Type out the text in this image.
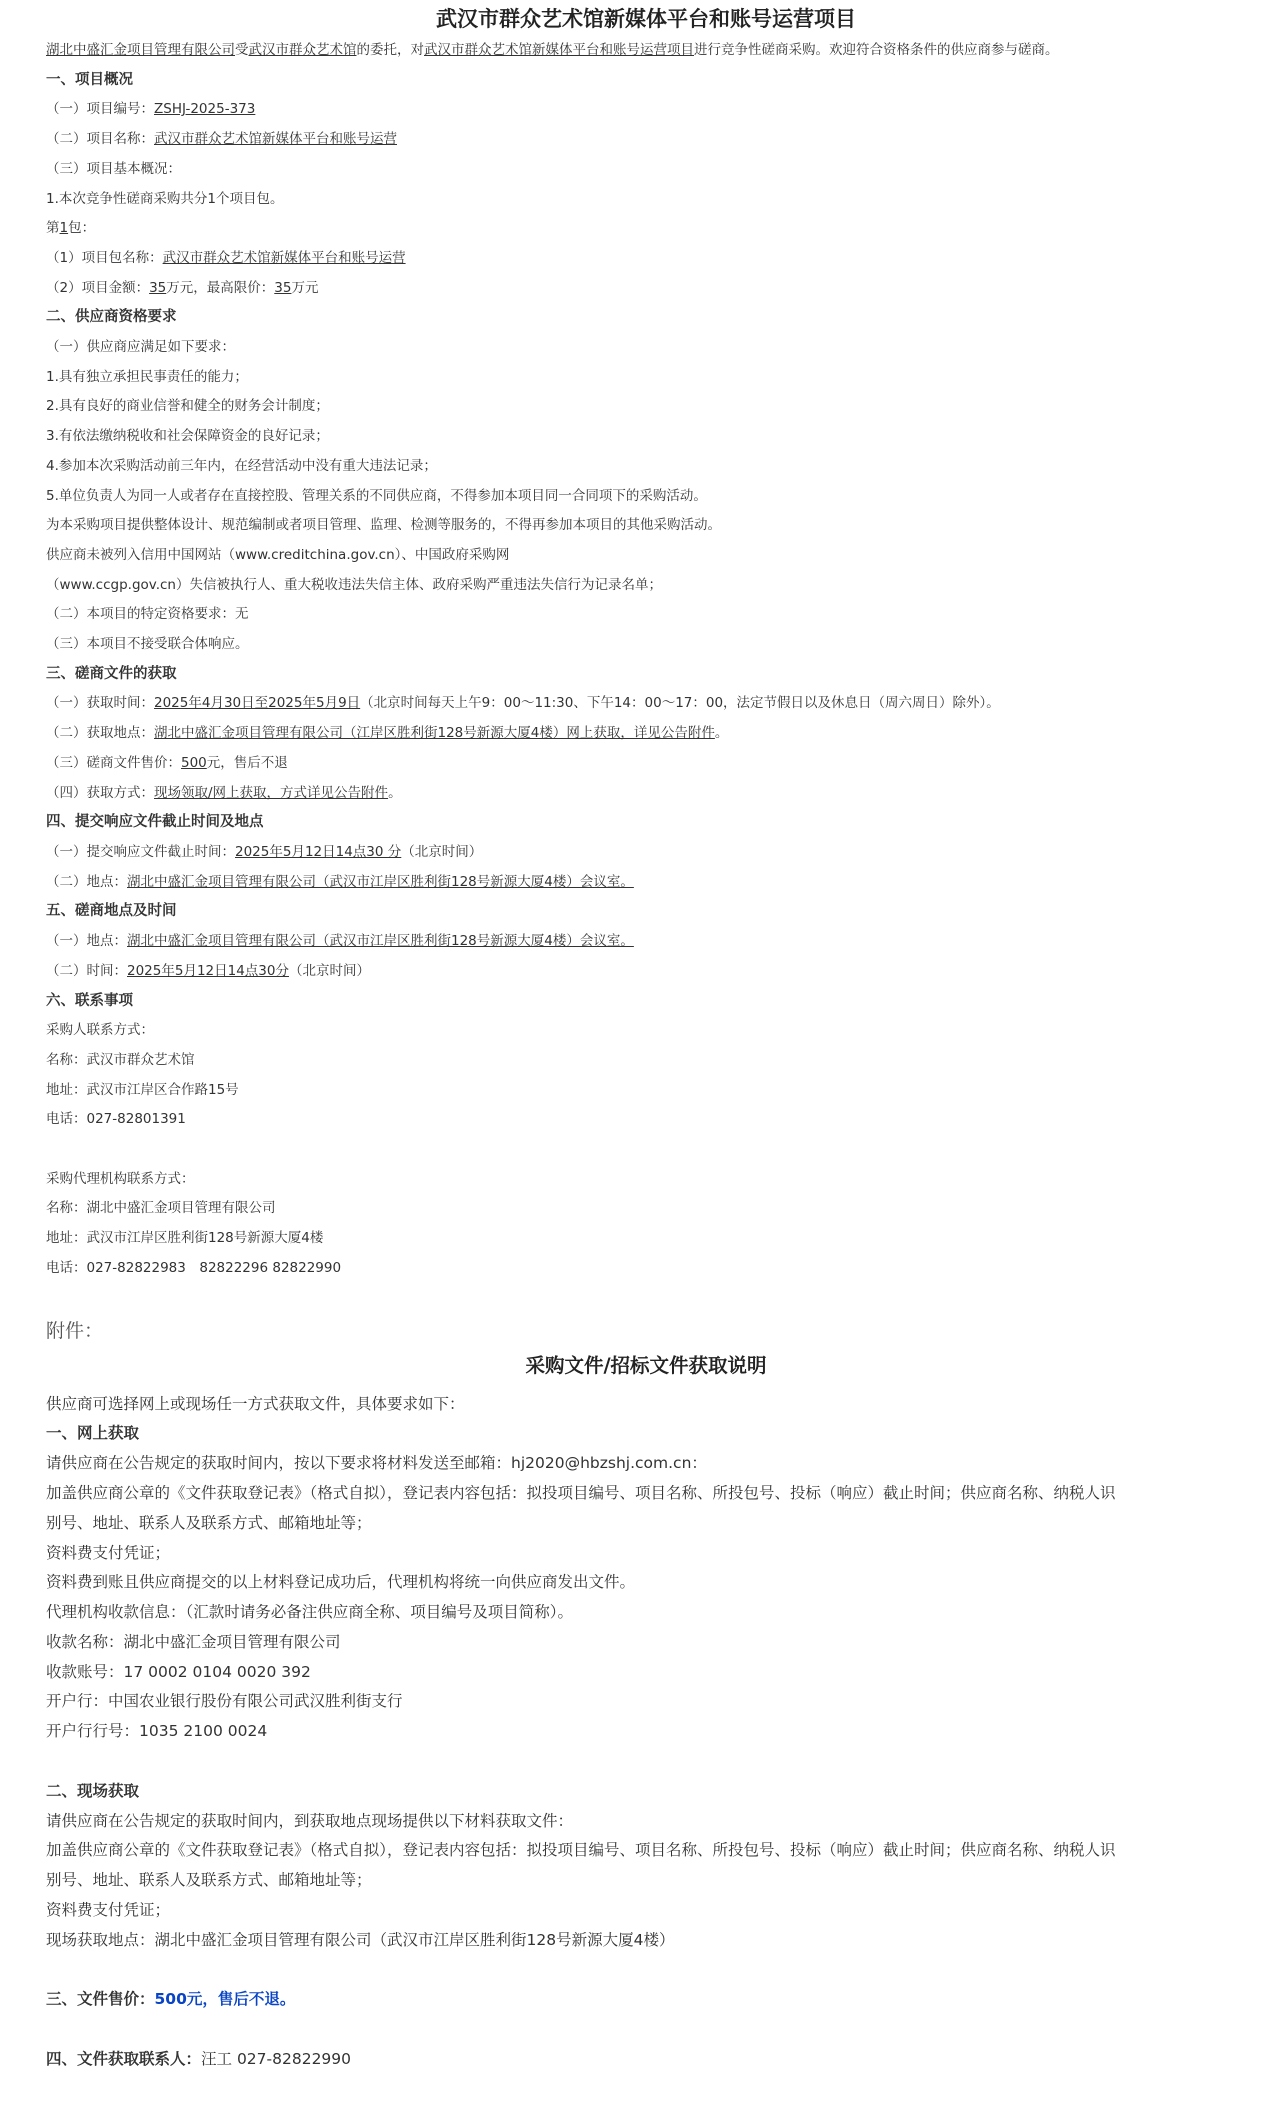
武汉市群众艺术馆新媒体平台和账号运营项目
湖北中盛汇金项目管理有限公司受武汉市群众艺术馆的委托，对武汉市群众艺术馆新媒体平台和账号运营项目进行竞争性磋商采购。欢迎符合资格条件的供应商参与磋商。
一、项目概况
（一）项目编号：ZSHJ-2025-373
（二）项目名称：武汉市群众艺术馆新媒体平台和账号运营
（三）项目基本概况：
1.本次竞争性磋商采购共分1个项目包。
第1包：
（1）项目包名称：武汉市群众艺术馆新媒体平台和账号运营
（2）项目金额：35万元，最高限价：35万元
二、供应商资格要求
（一）供应商应满足如下要求：
1.具有独立承担民事责任的能力；
2.具有良好的商业信誉和健全的财务会计制度；
3.有依法缴纳税收和社会保障资金的良好记录；
4.参加本次采购活动前三年内，在经营活动中没有重大违法记录；
5.单位负责人为同一人或者存在直接控股、管理关系的不同供应商，不得参加本项目同一合同项下的采购活动。
为本采购项目提供整体设计、规范编制或者项目管理、监理、检测等服务的，不得再参加本项目的其他采购活动。
供应商未被列入信用中国网站（www.creditchina.gov.cn）、中国政府采购网
（www.ccgp.gov.cn）失信被执行人、重大税收违法失信主体、政府采购严重违法失信行为记录名单；
（二）本项目的特定资格要求：无
（三）本项目不接受联合体响应。
三、磋商文件的获取
（一）获取时间：2025年4月30日至2025年5月9日（北京时间每天上午9：00～11:30、下午14：00～17：00，法定节假日以及休息日（周六周日）除外）。
（二）获取地点：湖北中盛汇金项目管理有限公司（江岸区胜利街128号新源大厦4楼）网上获取，详见公告附件。
（三）磋商文件售价：500元，售后不退
（四）获取方式：现场领取/网上获取，方式详见公告附件。
四、提交响应文件截止时间及地点
（一）提交响应文件截止时间：2025年5月12日14点30 分（北京时间）
（二）地点：湖北中盛汇金项目管理有限公司（武汉市江岸区胜利街128号新源大厦4楼）会议室。
五、磋商地点及时间
（一）地点：湖北中盛汇金项目管理有限公司（武汉市江岸区胜利街128号新源大厦4楼）会议室。
（二）时间：2025年5月12日14点30分（北京时间）
六、联系事项
采购人联系方式：
名称：武汉市群众艺术馆
地址：武汉市江岸区合作路15号
电话：027-82801391
采购代理机构联系方式：
名称：湖北中盛汇金项目管理有限公司
地址：武汉市江岸区胜利街128号新源大厦4楼
电话：027-82822983　82822296 82822990
附件：
采购文件/招标文件获取说明
供应商可选择网上或现场任一方式获取文件，具体要求如下：
一、网上获取
请供应商在公告规定的获取时间内，按以下要求将材料发送至邮箱：hj2020@hbzshj.com.cn：
加盖供应商公章的《文件获取登记表》（格式自拟），登记表内容包括：拟投项目编号、项目名称、所投包号、投标（响应）截止时间；供应商名称、纳税人识
别号、地址、联系人及联系方式、邮箱地址等；
资料费支付凭证；
资料费到账且供应商提交的以上材料登记成功后，代理机构将统一向供应商发出文件。
代理机构收款信息：（汇款时请务必备注供应商全称、项目编号及项目简称）。
收款名称：湖北中盛汇金项目管理有限公司
收款账号：17 0002 0104 0020 392
开户行：中国农业银行股份有限公司武汉胜利街支行
开户行行号：1035 2100 0024
二、现场获取
请供应商在公告规定的获取时间内，到获取地点现场提供以下材料获取文件：
加盖供应商公章的《文件获取登记表》（格式自拟），登记表内容包括：拟投项目编号、项目名称、所投包号、投标（响应）截止时间；供应商名称、纳税人识
别号、地址、联系人及联系方式、邮箱地址等；
资料费支付凭证；
现场获取地点：湖北中盛汇金项目管理有限公司（武汉市江岸区胜利街128号新源大厦4楼）
三、文件售价：500元，售后不退。
四、文件获取联系人：汪工 027-82822990
